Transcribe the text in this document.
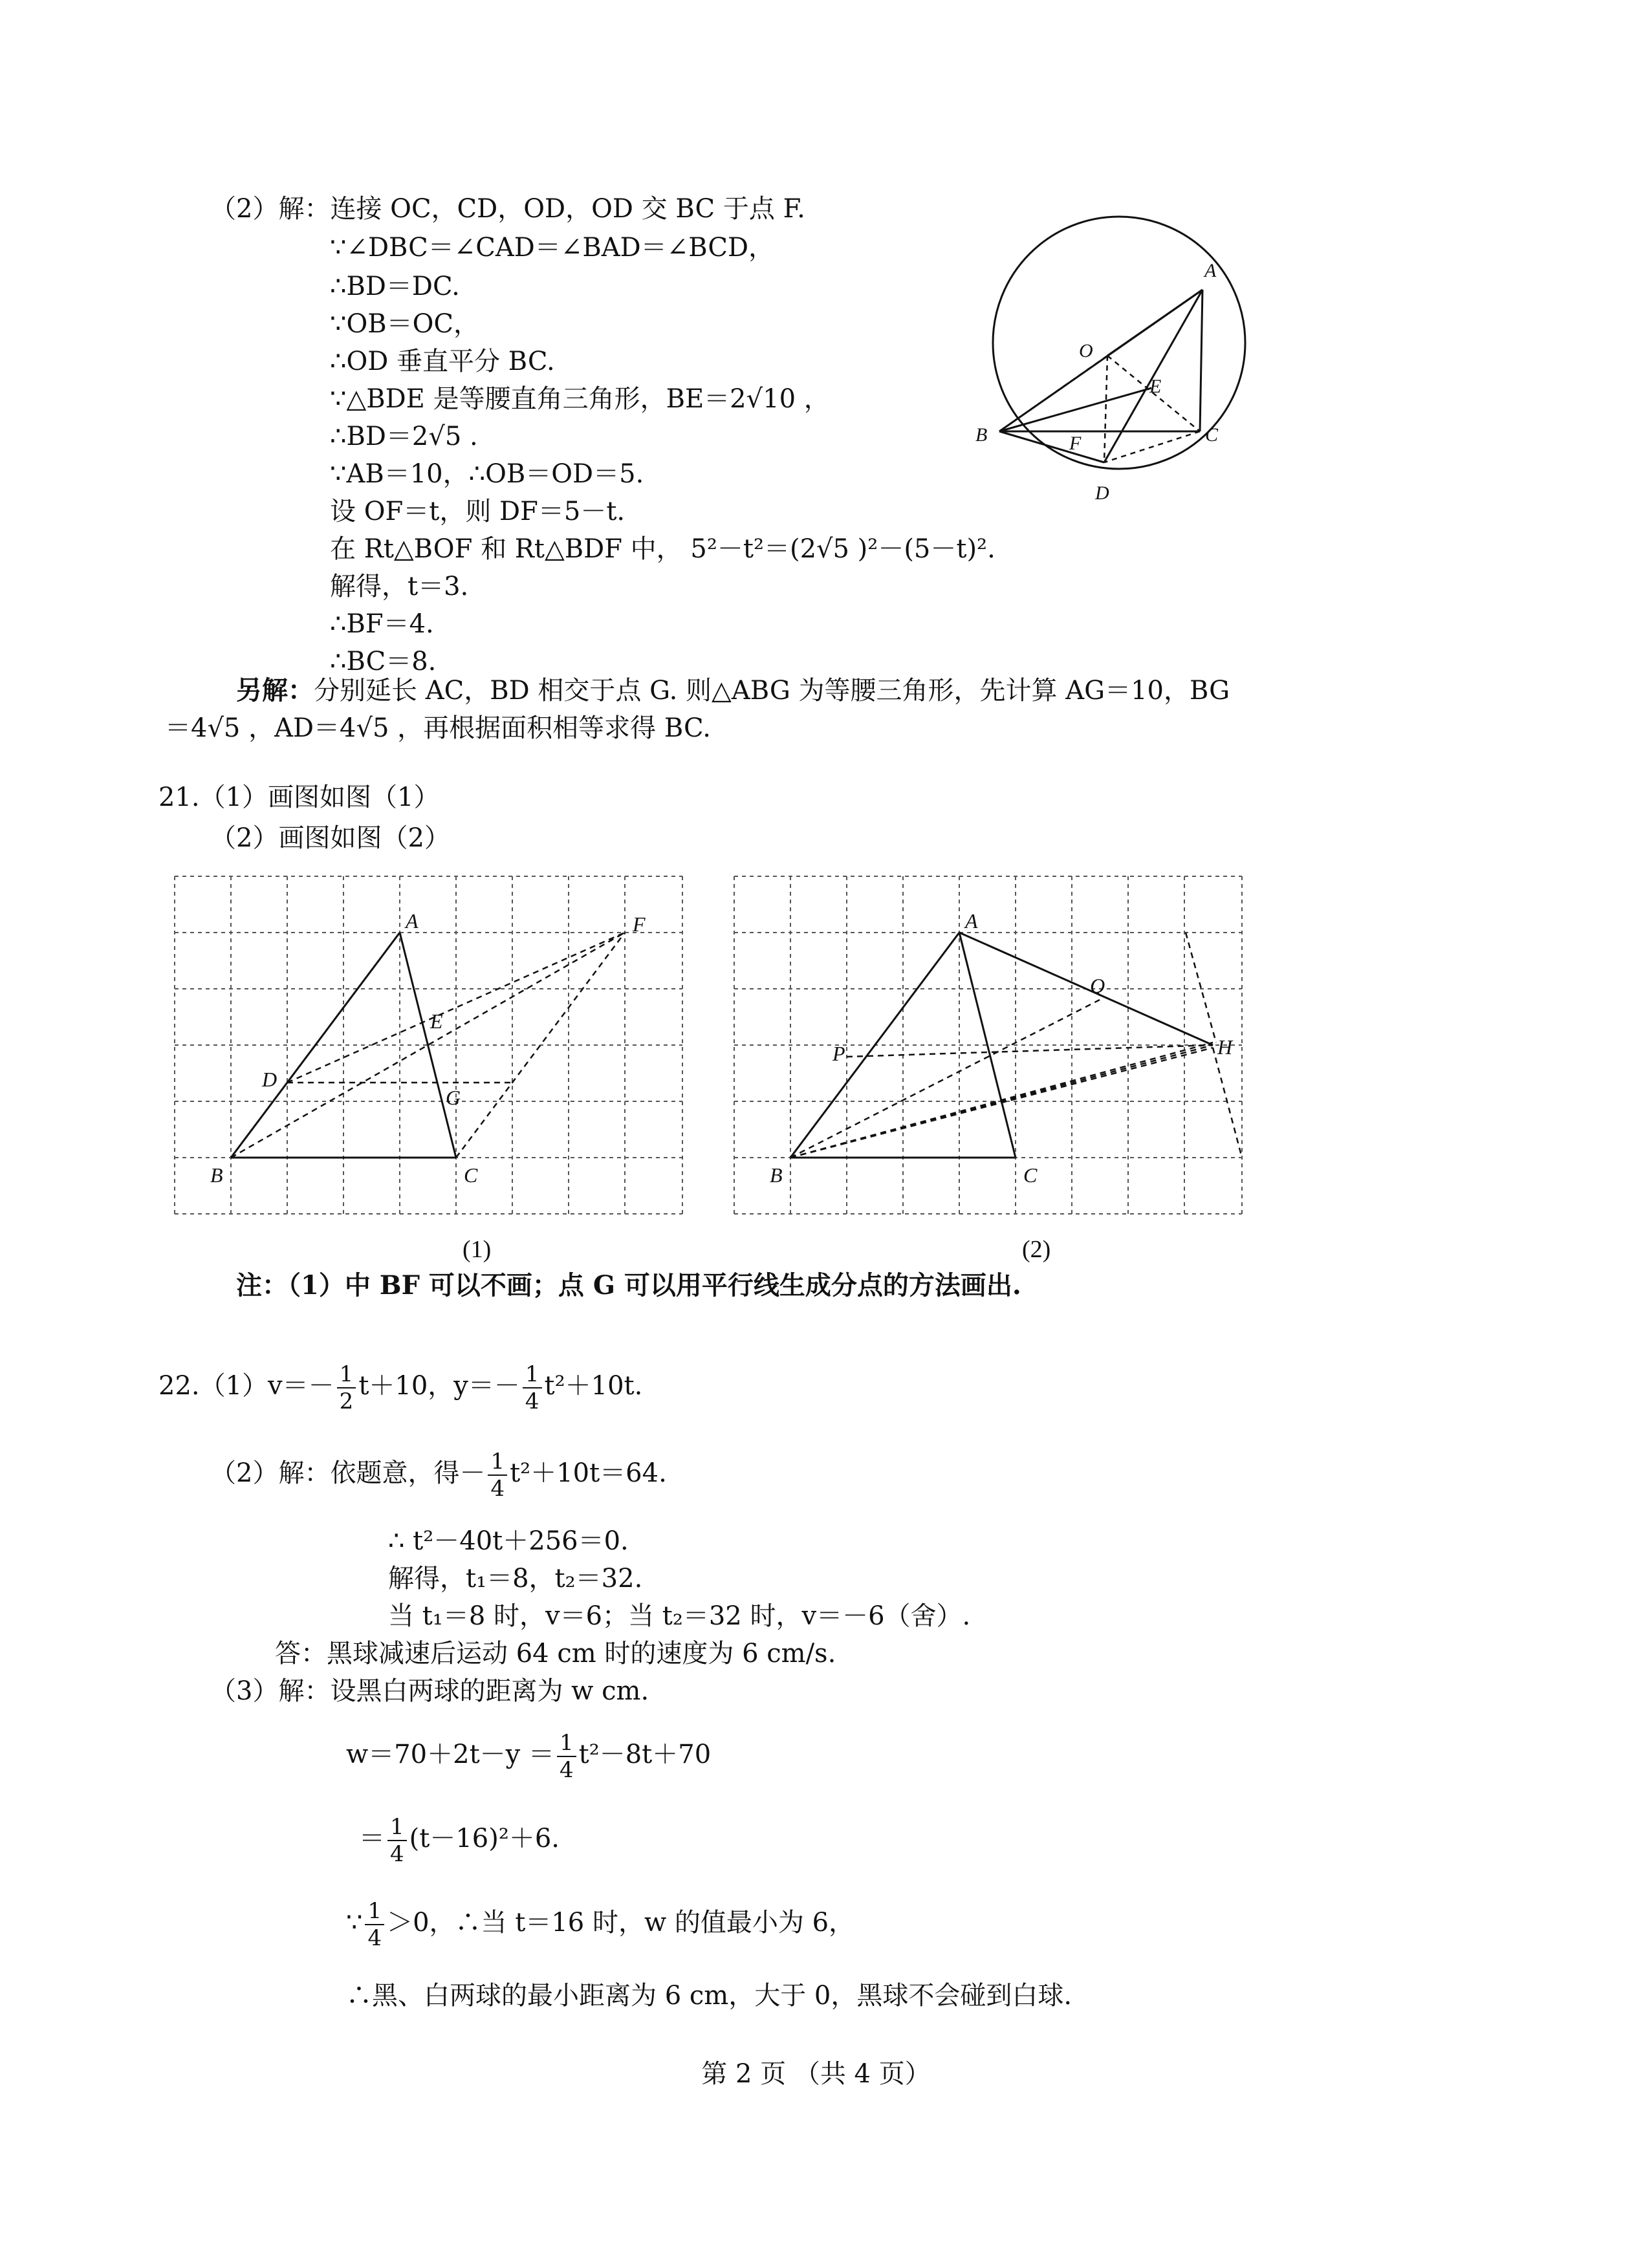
（2）解：连接 OC，CD，OD，OD 交 BC 于点 F.
∵∠DBC＝∠CAD＝∠BAD＝∠BCD，
∴BD＝DC.
∵OB＝OC，
∴OD 垂直平分 BC.
∵△BDE 是等腰直角三角形，BE＝2√10 ，
∴BD＝2√5 .
∵AB＝10，∴OB＝OD＝5.
设 OF＝t，则 DF＝5－t.
在 Rt△BOF 和 Rt△BDF 中， 5²－t²＝(2√5 )²－(5－t)².
解得，t＝3.
∴BF＝4.
∴BC＝8.
另解：分别延长 AC，BD 相交于点 G. 则△ABG 为等腰三角形，先计算 AG＝10，BG
＝4√5 ，AD＝4√5 ，再根据面积相等求得 BC.
A
O
E
B	F	C
D
21.（1）画图如图（1）
（2）画图如图（2）
A	F
E
D
G
B	C
(1)
A
Q
P	H
B	C
(2)
注：（1）中 BF 可以不画；点 G 可以用平行线生成分点的方法画出.
$22.(1)v=- \frac{1}{2} t+10$，$y=- \frac{1}{4} t^2+10t$.
（2）解：依题意，得－ $\frac{1}{4} t^2+10t=64$.
∴ t²－40t＋256＝0.
解得，t₁＝8，t₂＝32.
当 t₁＝8 时，v＝6；当 t₂＝32 时，v＝－6（舍）.
答：黑球减速后运动 64 cm 时的速度为 6 cm/s.
（3）解：设黑白两球的距离为 w cm.
$w=70+2t-y = \frac{1}{4} t^2-8t+70$
＝ $\frac{1}{4} (t-16)^2+6$.
∵ $\frac{1}{4} >0$，∴当 t＝16 时，w 的值最小为 6，
∴黑、白两球的最小距离为 6 cm，大于 0，黑球不会碰到白球.
第 2 页 （共 4 页）
